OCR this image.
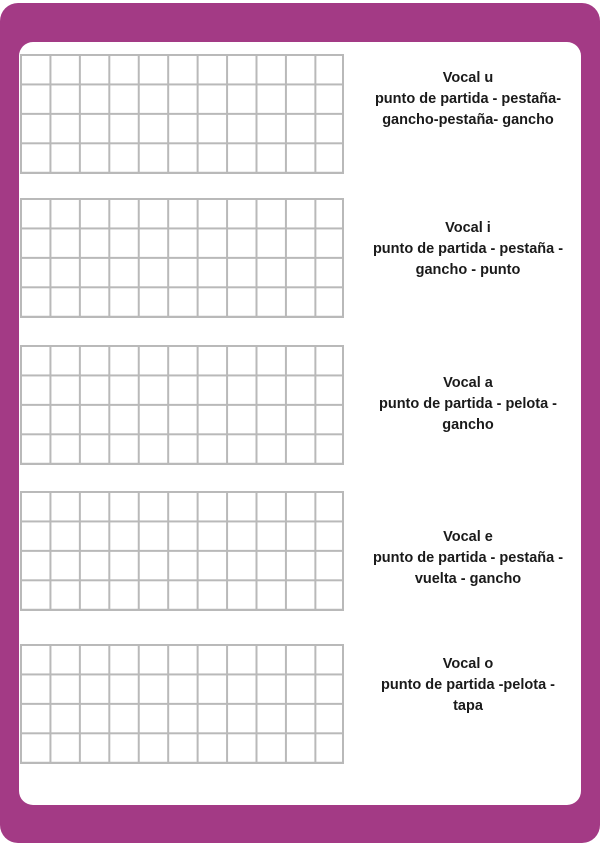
Vocal u
punto de partida - pestaña-
gancho-pestaña- gancho
Vocal i
punto de partida - pestaña -
gancho - punto
Vocal a
punto de partida - pelota -
gancho
Vocal e
punto de partida - pestaña -
vuelta - gancho
Vocal o
punto de partida -pelota -
tapa
